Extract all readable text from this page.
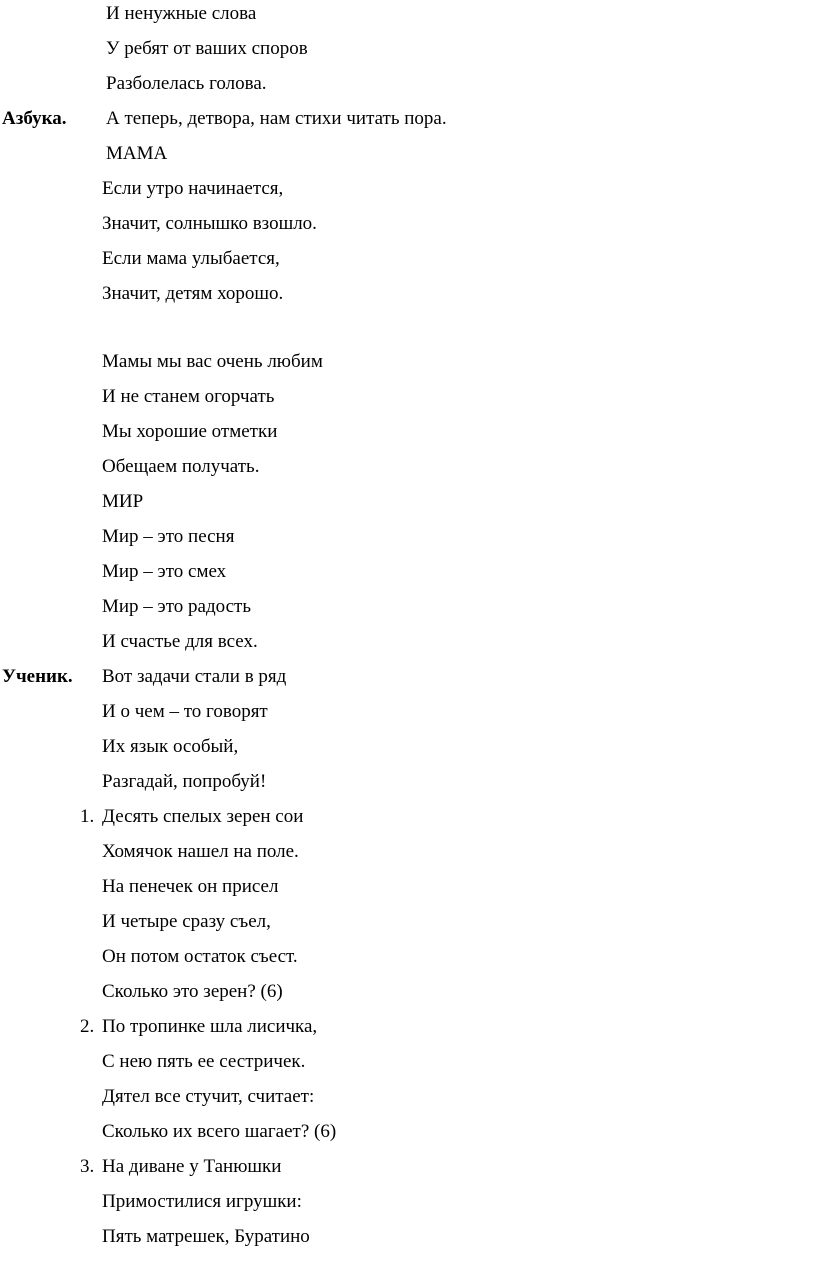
И ненужные слова
У ребят от ваших споров
Разболелась голова.
Азбука. А теперь, детвора, нам стихи читать пора.
МАМА
Если утро начинается,
Значит, солнышко взошло.
Если мама улыбается,
Значит, детям хорошо.
Мамы мы вас очень любим
И не станем огорчать
Мы хорошие отметки
Обещаем получать.
МИР
Мир – это песня
Мир – это смех
Мир – это радость
И счастье для всех.
Ученик. Вот задачи стали в ряд
И о чем – то говорят
Их язык особый,
Разгадай, попробуй!
1. Десять спелых зерен сои
Хомячок нашел на поле.
На пенечек он присел
И четыре сразу съел,
Он потом остаток съест.
Сколько это зерен? (6)
2. По тропинке шла лисичка,
С нею пять ее сестричек.
Дятел все стучит, считает:
Сколько их всего шагает? (6)
3. На диване у Танюшки
Примостилися игрушки:
Пять матрешек, Буратино
